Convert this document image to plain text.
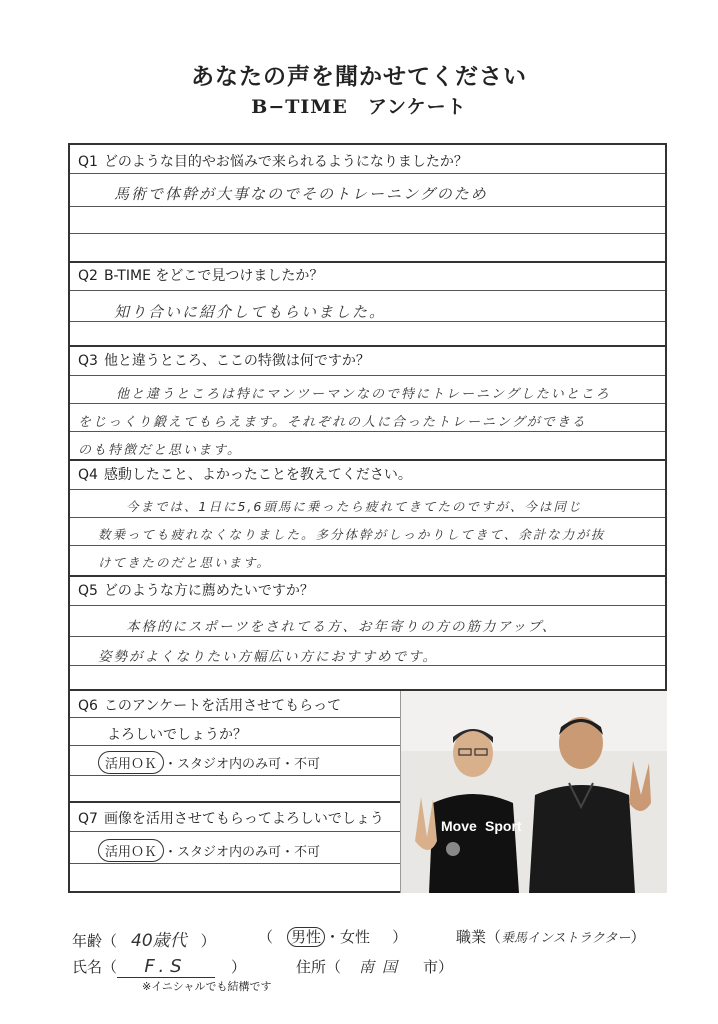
あなたの声を聞かせてください
B−TIME　アンケート
Q1 どのような目的やお悩みで来られるようになりましたか？
馬術で体幹が大事なのでそのトレーニングのため
Q2 B-TIME をどこで見つけましたか？
知り合いに紹介してもらいました。
Q3 他と違うところ、ここの特徴は何ですか？
他と違うところは特にマンツーマンなので特にトレーニングしたいところ
をじっくり鍛えてもらえます。それぞれの人に合ったトレーニングができる
のも特徴だと思います。
Q4 感動したこと、よかったことを教えてください。
今までは、1日に5,6頭馬に乗ったら疲れてきてたのですが、今は同じ
数乗っても疲れなくなりました。多分体幹がしっかりしてきて、余計な力が抜
けてきたのだと思います。
Q5 どのような方に薦めたいですか？
本格的にスポーツをされてる方、お年寄りの方の筋力アップ、
姿勢がよくなりたい方幅広い方におすすめです。
Q6 このアンケートを活用させてもらって
よろしいでしょうか？
活用ＯＫ ・スタジオ内のみ可・不可
Q7 画像を活用させてもらってよろしいでしょう
活用ＯＫ ・スタジオ内のみ可・不可
Move Sport
年齢（ 40歳代 ）	（ 男性 ・女性 ）	職業（乗馬インストラクター）
氏名（ F.S	）	住所（ 南国 市）
※イニシャルでも結構です
